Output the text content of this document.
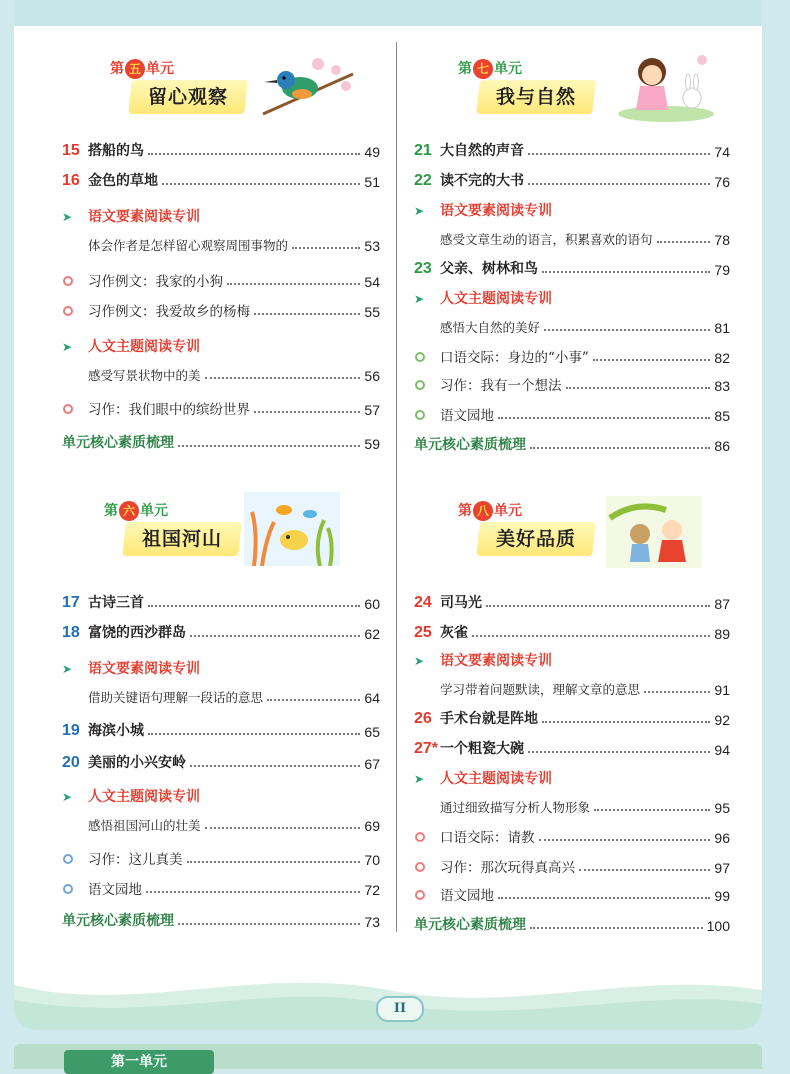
第 五 单元
留心观察
第 七 单元
我与自然
第 六 单元
祖国河山
第 八 单元
美好品质
15 搭船的鸟	49
16 金色的草地	51
➤ 语文要素阅读专训
体会作者是怎样留心观察周围事物的	53
习作例文：我家的小狗	54
习作例文：我爱故乡的杨梅	55
➤ 人文主题阅读专训
感受写景状物中的美	56
习作：我们眼中的缤纷世界	57
单元核心素质梳理	59
21 大自然的声音	74
22 读不完的大书	76
➤ 语文要素阅读专训
感受文章生动的语言，积累喜欢的语句	78
23 父亲、树林和鸟	79
➤ 人文主题阅读专训
感悟大自然的美好	81
口语交际：身边的“小事”	82
习作：我有一个想法	83
语文园地	85
单元核心素质梳理	86
17 古诗三首	60
18 富饶的西沙群岛	62
➤ 语文要素阅读专训
借助关键语句理解一段话的意思	64
19 海滨小城	65
20 美丽的小兴安岭	67
➤ 人文主题阅读专训
感悟祖国河山的壮美	69
习作：这儿真美	70
语文园地	72
单元核心素质梳理	73
24 司马光	87
25 灰雀	89
➤ 语文要素阅读专训
学习带着问题默读，理解文章的意思	91
26 手术台就是阵地	92
27* 一个粗瓷大碗	94
➤ 人文主题阅读专训
通过细致描写分析人物形象	95
口语交际：请教	96
习作：那次玩得真高兴	97
语文园地	99
单元核心素质梳理	100
II
第一单元
